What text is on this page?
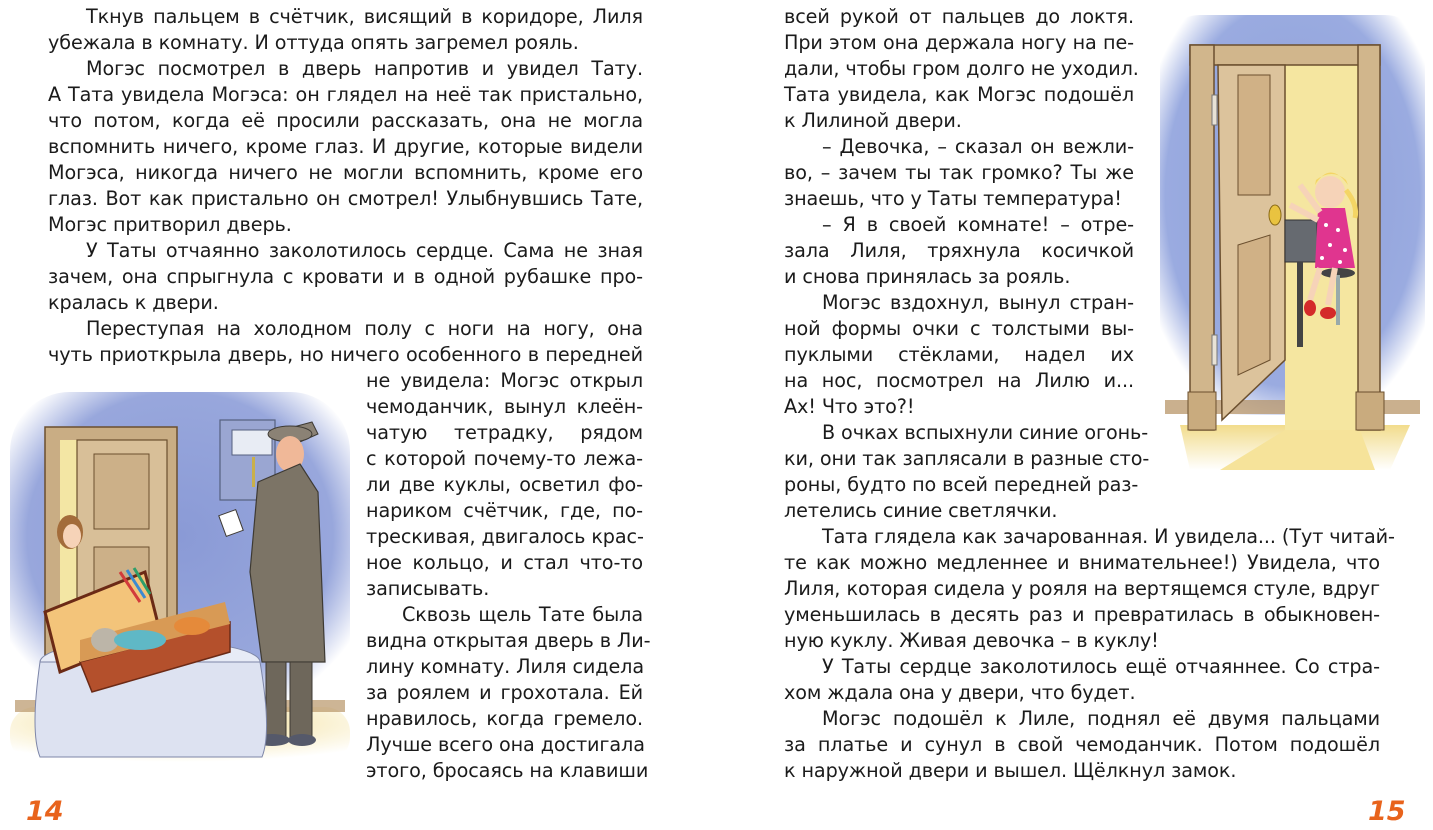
Ткнув пальцем в счётчик, висящий в коридоре, Лиля
убежала в комнату. И оттуда опять загремел рояль.
Могэс посмотрел в дверь напротив и увидел Тату.
А Тата увидела Могэса: он глядел на неё так пристально,
что потом, когда её просили рассказать, она не могла
вспомнить ничего, кроме глаз. И другие, которые видели
Могэса, никогда ничего не могли вспомнить, кроме его
глаз. Вот как пристально он смотрел! Улыбнувшись Тате,
Могэс притворил дверь.
У Таты отчаянно заколотилось сердце. Сама не зная
зачем, она спрыгнула с кровати и в одной рубашке про-
кралась к двери.
Переступая на холодном полу с ноги на ногу, она
чуть приоткрыла дверь, но ничего особенного в передней
не увидела: Могэс открыл
чемоданчик, вынул клеён-
чатую тетрадку, рядом
с которой почему-то лежа-
ли две куклы, осветил фо-
нариком счётчик, где, по-
трескивая, двигалось крас-
ное кольцо, и стал что-то
записывать.
Сквозь щель Тате была
видна открытая дверь в Ли-
лину комнату. Лиля сидела
за роялем и грохотала. Ей
нравилось, когда гремело.
Лучше всего она достигала
этого, бросаясь на клавиши
14
всей рукой от пальцев до локтя.
При этом она держала ногу на пе-
дали, чтобы гром долго не уходил.
Тата увидела, как Могэс подошёл
к Лилиной двери.
– Девочка, – сказал он вежли-
во, – зачем ты так громко? Ты же
знаешь, что у Таты температура!
– Я в своей комнате! – отре-
зала Лиля, тряхнула косичкой
и снова принялась за рояль.
Могэс вздохнул, вынул стран-
ной формы очки с толстыми вы-
пуклыми стёклами, надел их
на нос, посмотрел на Лилю и...
Ах! Что это?!
В очках вспыхнули синие огонь-
ки, они так заплясали в разные сто-
роны, будто по всей передней раз-
летелись синие светлячки.
Тата глядела как зачарованная. И увидела... (Тут читай-
те как можно медленнее и внимательнее!) Увидела, что
Лиля, которая сидела у рояля на вертящемся стуле, вдруг
уменьшилась в десять раз и превратилась в обыкновен-
ную куклу. Живая девочка – в куклу!
У Таты сердце заколотилось ещё отчаяннее. Со стра-
хом ждала она у двери, что будет.
Могэс подошёл к Лиле, поднял её двумя пальцами
за платье и сунул в свой чемоданчик. Потом подошёл
к наружной двери и вышел. Щёлкнул замок.
15
